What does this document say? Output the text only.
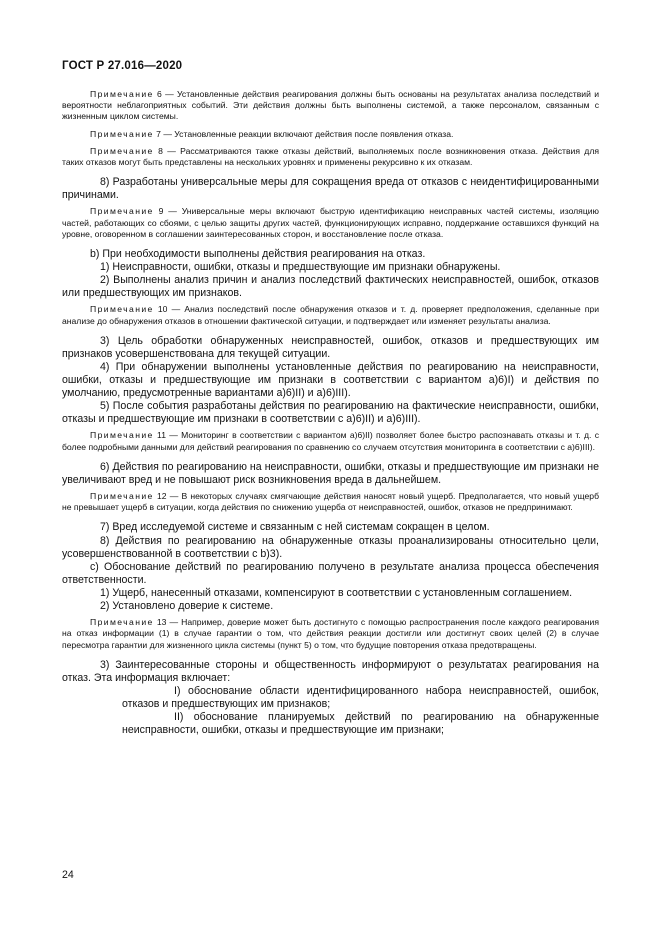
ГОСТ Р 27.016—2020

Примечание 6 — Установленные действия реагирования должны быть основаны на результатах анализа последствий и вероятности неблагоприятных событий. Эти действия должны быть выполнены системой, а также персоналом, связанным с жизненным циклом системы.

Примечание 7 — Установленные реакции включают действия после появления отказа.

Примечание 8 — Рассматриваются также отказы действий, выполняемых после возникновения отказа. Действия для таких отказов могут быть представлены на нескольких уровнях и применены рекурсивно к их отказам.

8) Разработаны универсальные меры для сокращения вреда от отказов с неидентифицированными причинами.

Примечание 9 — Универсальные меры включают быструю идентификацию неисправных частей системы, изоляцию частей, работающих со сбоями, с целью защиты других частей, функционирующих исправно, поддержание оставшихся функций на уровне, оговоренном в соглашении заинтересованных сторон, и восстановление после отказа.

b) При необходимости выполнены действия реагирования на отказ.

1) Неисправности, ошибки, отказы и предшествующие им признаки обнаружены.

2) Выполнены анализ причин и анализ последствий фактических неисправностей, ошибок, отказов или предшествующих им признаков.

Примечание 10 — Анализ последствий после обнаружения отказов и т. д. проверяет предположения, сделанные при анализе до обнаружения отказов в отношении фактической ситуации, и подтверждает или изменяет результаты анализа.

3) Цель обработки обнаруженных неисправностей, ошибок, отказов и предшествующих им признаков усовершенствована для текущей ситуации.

4) При обнаружении выполнены установленные действия по реагированию на неисправности, ошибки, отказы и предшествующие им признаки в соответствии с вариантом а)6)I) и действия по умолчанию, предусмотренные вариантами а)6)II) и а)6)III).

5) После события разработаны действия по реагированию на фактические неисправности, ошибки, отказы и предшествующие им признаки в соответствии с а)6)II) и а)6)III).

Примечание 11 — Мониторинг в соответствии с вариантом а)6)II) позволяет более быстро распознавать отказы и т. д. с более подробными данными для действий реагирования по сравнению со случаем отсутствия мониторинга в соответствии с а)6)III).

6) Действия по реагированию на неисправности, ошибки, отказы и предшествующие им признаки не увеличивают вред и не повышают риск возникновения вреда в дальнейшем.

Примечание 12 — В некоторых случаях смягчающие действия наносят новый ущерб. Предполагается, что новый ущерб не превышает ущерб в ситуации, когда действия по снижению ущерба от неисправностей, ошибок, отказов не предпринимают.

7) Вред исследуемой системе и связанным с ней системам сокращен в целом.

8) Действия по реагированию на обнаруженные отказы проанализированы относительно цели, усовершенствованной в соответствии с b)3).

с) Обоснование действий по реагированию получено в результате анализа процесса обеспечения ответственности.

1) Ущерб, нанесенный отказами, компенсируют в соответствии с установленным соглашением.

2) Установлено доверие к системе.

Примечание 13 — Например, доверие может быть достигнуто с помощью распространения после каждого реагирования на отказ информации (1) в случае гарантии о том, что действия реакции достигли или достигнут своих целей (2) в случае пересмотра гарантии для жизненного цикла системы (пункт 5) о том, что будущие повторения отказа предотвращены.

3) Заинтересованные стороны и общественность информируют о результатах реагирования на отказ. Эта информация включает:

I) обоснование области идентифицированного набора неисправностей, ошибок, отказов и предшествующих им признаков;

II) обоснование планируемых действий по реагированию на обнаруженные неисправности, ошибки, отказы и предшествующие им признаки;

24
